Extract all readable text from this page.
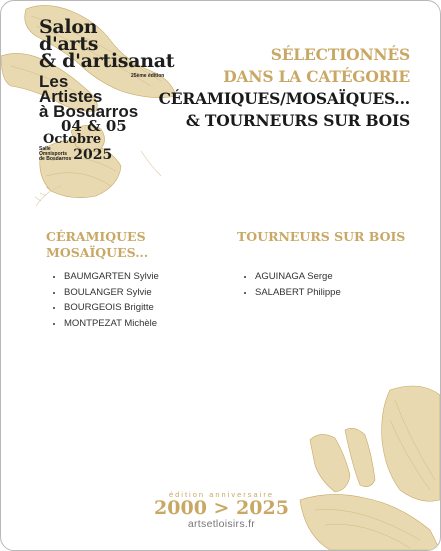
Salon
d'arts
& d'artisanat
25ème édition
Les
Artistes
à Bosdarros
04 & 05
Octobre
Salle
Omnisports
de Bosdarros 2025
SÉLECTIONNÉS
DANS LA CATÉGORIE
CÉRAMIQUES/MOSAÏQUES...
& TOURNEURS SUR BOIS
CÉRAMIQUES
MOSAÏQUES...
• BAUMGARTEN Sylvie
• BOULANGER Sylvie
• BOURGEOIS Brigitte
• MONTPEZAT Michèle
TOURNEURS SUR BOIS
• AGUINAGA Serge
• SALABERT Philippe
édition anniversaire
2000 > 2025
artsetloisirs.fr
